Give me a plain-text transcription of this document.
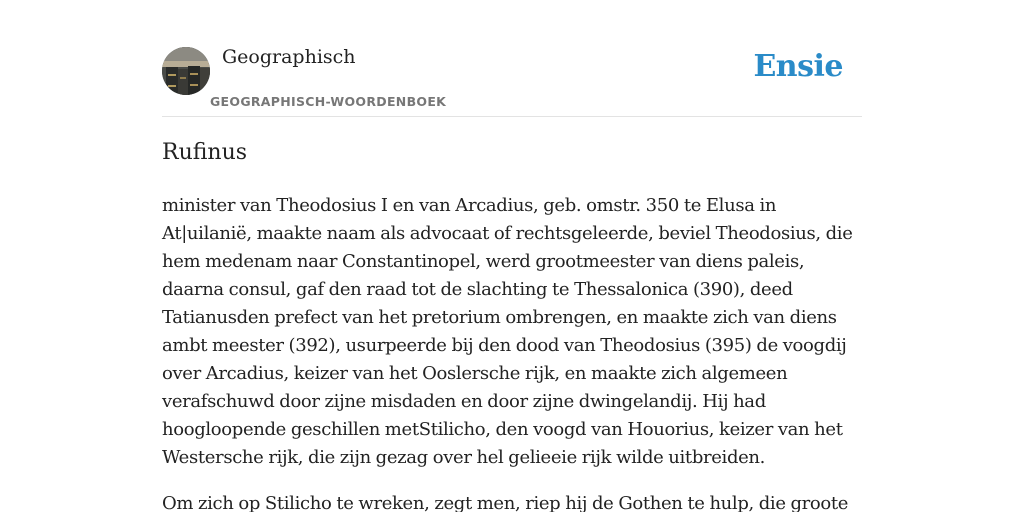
Geographisch
GEOGRAPHISCH-WOORDENBOEK
Ensie
Rufinus

minister van Theodosius I en van Arcadius, geb. omstr. 350 te Elusa in At|uilanië, maakte naam als advocaat of rechtsgeleerde, beviel Theodosius, die hem medenam naar Constantinopel, werd grootmeester van diens paleis, daarna consul, gaf den raad tot de slachting te Thessalonica (390), deed Tatianusden prefect van het pretorium ombrengen, en maakte zich van diens ambt meester (392), usurpeerde bij den dood van Theodosius (395) de voogdij over Arcadius, keizer van het Ooslersche rijk, en maakte zich algemeen verafschuwd door zijne misdaden en door zijne dwingelandij. Hij had hoogloopende geschillen metStilicho, den voogd van Houorius, keizer van het Westersche rijk, die zijn gezag over hel gelieeie rijk wilde uitbreiden.

Om zich op Stilicho te wreken, zegt men, riep hij de Gothen te hulp, die groote
